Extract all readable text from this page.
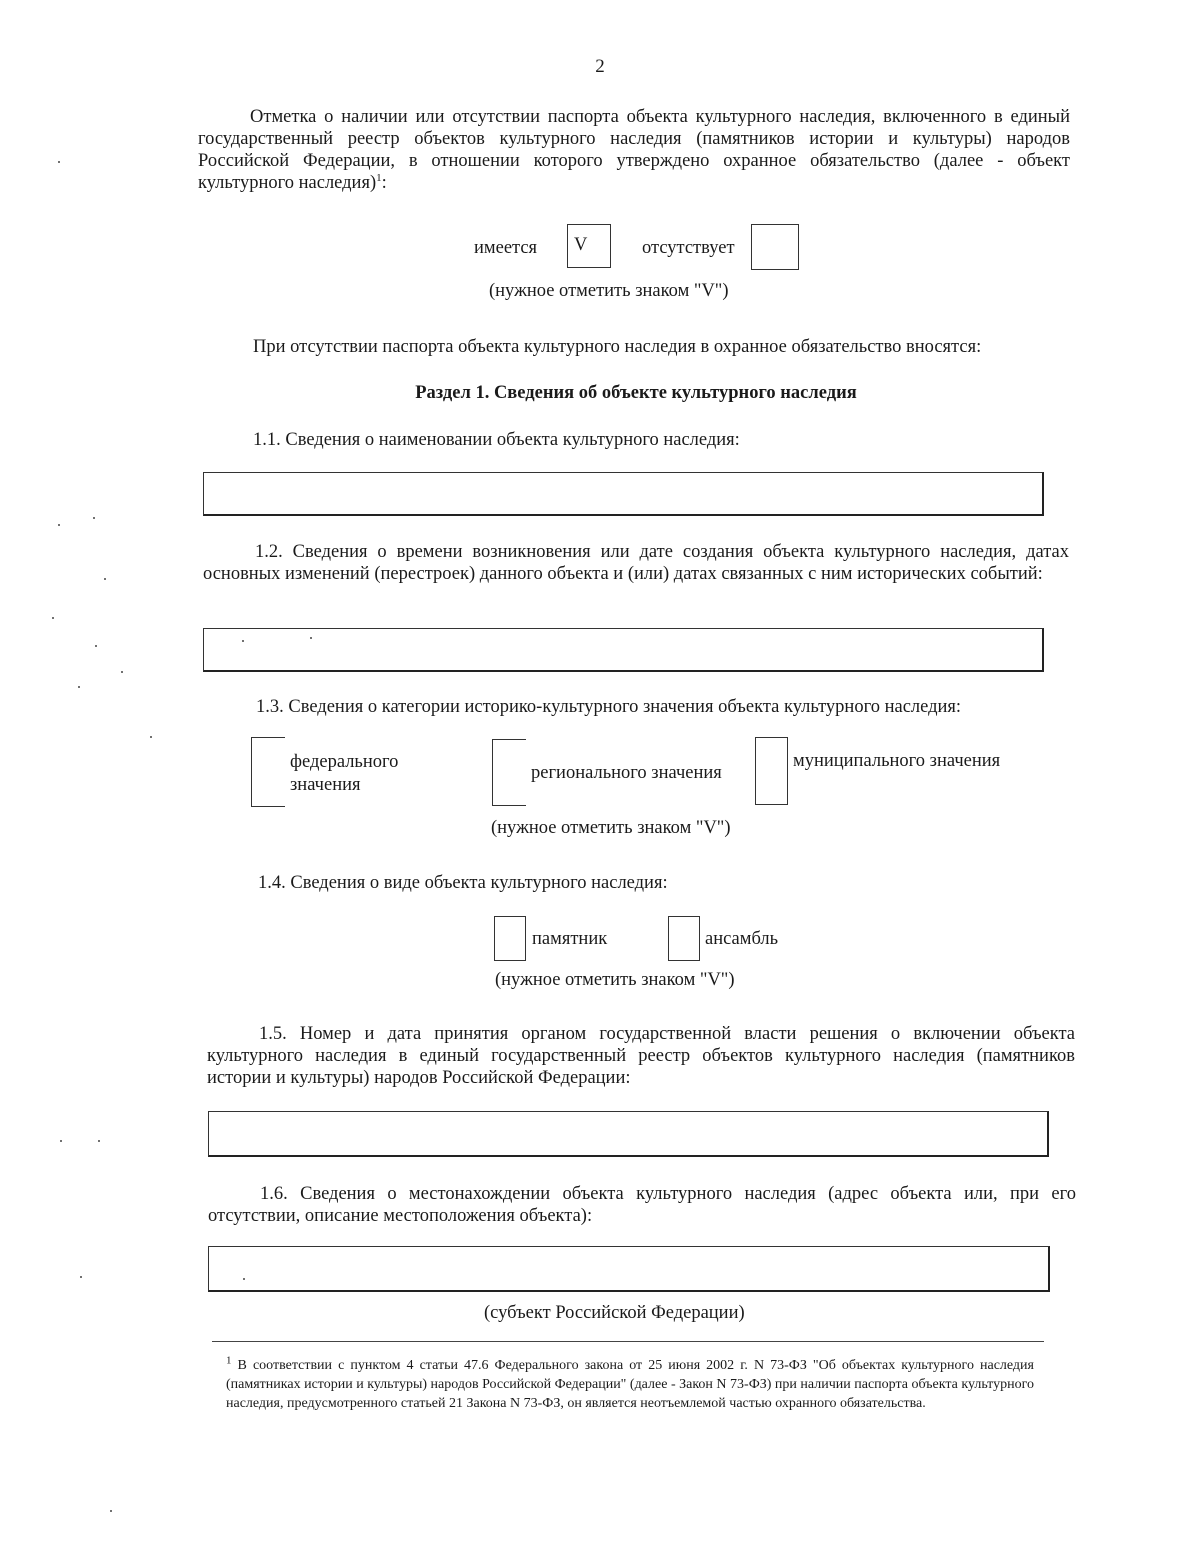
2
Отметка о наличии или отсутствии паспорта объекта культурного наследия, включенного в единый государственный реестр объектов культурного наследия (памятников истории и культуры) народов Российской Федерации, в отношении которого утверждено охранное обязательство (далее - объект культурного наследия)$^1$:
имеется V	отсутствует
(нужное отметить знаком "V")
При отсутствии паспорта объекта культурного наследия в охранное обязательство вносятся:
Раздел 1. Сведения об объекте культурного наследия
1.1. Сведения о наименовании объекта культурного наследия:
1.2. Сведения о времени возникновения или дате создания объекта культурного наследия, датах основных изменений (перестроек) данного объекта и (или) датах связанных с ним исторических событий:
1.3. Сведения о категории историко-культурного значения объекта культурного наследия:
федерального значения
регионального значения
муниципального значения
(нужное отметить знаком "V")
1.4. Сведения о виде объекта культурного наследия:
памятник	ансамбль
(нужное отметить знаком "V")
1.5. Номер и дата принятия органом государственной власти решения о включении объекта культурного наследия в единый государственный реестр объектов культурного наследия (памятников истории и культуры) народов Российской Федерации:
1.6. Сведения о местонахождении объекта культурного наследия (адрес объекта или, при его отсутствии, описание местоположения объекта):
(субъект Российской Федерации)
$^1$ В соответствии с пунктом 4 статьи 47.6 Федерального закона от 25 июня 2002 г. N 73-ФЗ "Об объектах культурного наследия (памятниках истории и культуры) народов Российской Федерации" (далее - Закон N 73-ФЗ) при наличии паспорта объекта культурного наследия, предусмотренного статьей 21 Закона N 73-ФЗ, он является неотъемлемой частью охранного обязательства.
